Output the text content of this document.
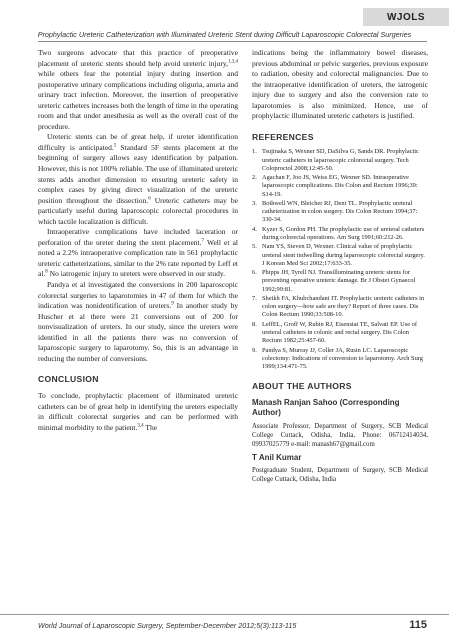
WJOLS
Prophylactic Ureteric Catheterization with Illuminated Ureteric Stent during Difficult Laparoscopic Colorectal Surgeries

Two surgeons advocate that this practice of preoperative placement of ureteric stents should help avoid ureteric injury,$^{1,3,4}$ while others fear the potential injury during insertion and postoperative urinary complications including oliguria, anuria and urinary tract infection. Moreover, the insertion of preoperative ureteric catheters increases both the length of time in the operating room and that under anesthesia as well as the overall cost of the procedure.

Ureteric stents can be of great help, if ureter identification difficulty is anticipated.$^5$ Standard 5F stents placement at the beginning of surgery allows easy identification by palpation. However, this is not 100% reliable. The use of illuminated ureteric stents adds another dimension to ensuring ureteric safety in complex cases by giving direct visualization of the ureteric position throughout the dissection.$^6$ Ureteric catheters may be particularly useful during laparoscopic colorectal procedures in which tactile localization is difficult.

Intraoperative complications have included laceration or perforation of the ureter during the stent placement.$^7$ Well et al noted a 2.2% intraoperative complication rate in 561 prophylactic ureteric catheterizations, similar to the 2% rate reported by Leff et al.$^8$ No iatrogenic injury to ureters were observed in our study.

Pandya et al investigated the conversions in 200 laparoscopic colorectal surgeries to laparotomies in 47 of them for which the indication was nonidentification of ureters.$^9$ In another study by Huscher et al there were 21 conversions out of 200 for nonvisualization of ureters. In our study, since the ureters were identified in all the patients there was no conversion of laparoscopic surgery to laparotomy. So, this is an advantage in reducing the number of conversions.

CONCLUSION

To conclude, prophylactic placement of illuminated ureteric catheters can be of great help in identifying the ureters especially in difficult colorectal surgeries and can be performed with minimal morbidity to the patient.$^{3,4}$ The

indications being the inflammatory bowel diseases, previous abdominal or pelvic surgeries, previous exposure to radiation, obesity and colorectal malignancies. Due to the intraoperative identification of ureters, the iatrogenic injury due to surgery and also the conversion rate to laparotomies is also minimized. Hence, use of prophylactic illuminated ureteric catheters is justified.

REFERENCES
1. Tsujinaka S, Wexner SD, DaSilva G, Sands DR. Prophylactic ureteric catheters in laparoscopic colorectal surgery. Tech Coloproctol 2008;12:45-50.
2. Agachan F, Joo JS, Weiss EG, Wexner SD. Intraoperative laparoscopic complications. Dis Colon and Rectum 1996;39: S14-19.
3. Bothwell WN, Bleicher RJ, Dent TL. Prophylactic ureteral catheterization in colon surgery. Dis Colon Rectum 1994;37: 330-34.
4. Kyzer S, Gordon PH. The prophylactic use of ureteral catheters during colorectal operations. Am Surg 1991;60:212-26.
5. Nam YS, Steven D, Wexner. Clinical value of prophylactic ureteral stent indwelling during laparoscopic colorectal surgery. J Korean Med Sci 2002;17:633-35.
6. Phipps JH, Tyrell NJ. Transilluminating ureteric stents for preventing operative ureteric damage. Br J Obstet Gynaecol 1992;99:81.
7. Sheikh FA, Khubchandani IT. Prophylactic ureteric catheters in colon surgery—how safe are they? Report of three cases. Dis Colon Rectum 1990;33:508-10.
8. LeffEL, Groff W, Rubin RJ, Eisenstat TE, Salvati EP. Use of ureteral catheters in colonic and rectal surgery. Dis Colon Rectum 1982;25:457-60.
9. Pandya S, Murray JJ, Coller JA, Rusin LC. Laparoscopic colectomy: Indications of conversion to laparotomy. Arch Surg 1999;134:471-75.
ABOUT THE AUTHORS
Manash Ranjan Sahoo (Corresponding Author)

Associate Professor, Department of Surgery, SCB Medical College Cuttack, Odisha, India, Phone: 06712414034, 09937025779 e-mail: manash67@gmail.com

T Anil Kumar

Postgraduate Student, Department of Surgery, SCB Medical College Cuttack, Odisha, India

World Journal of Laparoscopic Surgery, September-December 2012;5(3):113-115	115
